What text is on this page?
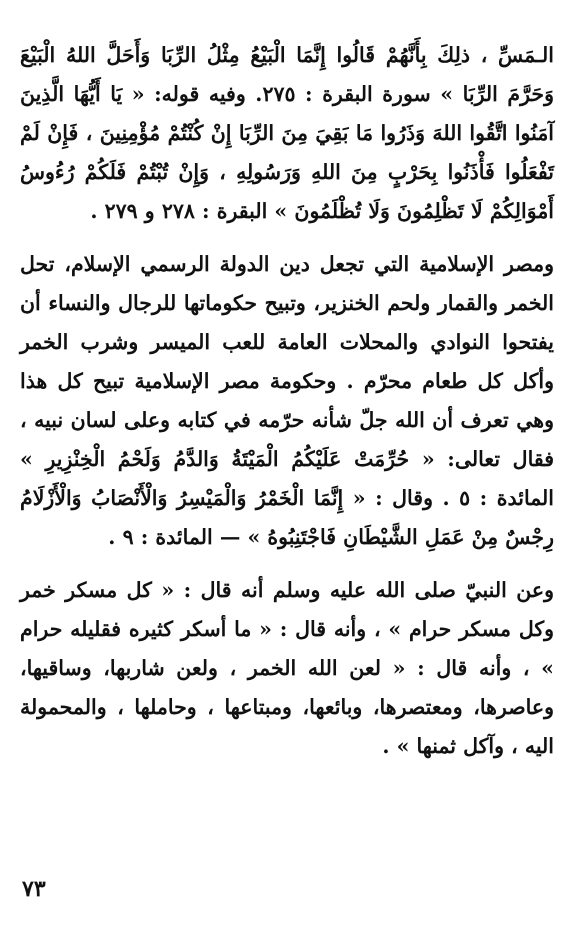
الـمَسِّ ، ذلِكَ بِأَنَّهُمْ قَالُوا إِنَّمَا الْبَيْعُ مِثْلُ الرِّبَا وَأَحَلَّ اللهُ الْبَيْعَ وَحَرَّمَ الرِّبَا » سورة البقرة : ٢٧٥. وفيه قوله: « يَا أَيُّهَا الَّذِينَ آمَنُوا اتَّقُوا اللهَ وَذَرُوا مَا بَقِيَ مِنَ الرِّبَا إِنْ كُنْتُمْ مُؤْمِنِينَ ، فَإِنْ لَمْ تَفْعَلُوا فَأْذَنُوا بِحَرْبٍ مِنَ اللهِ وَرَسُولِهِ ، وَإِنْ تُبْتُمْ فَلَكُمْ رُءُوسُ أَمْوَالِكُمْ لَا تَظْلِمُونَ وَلَا تُظْلَمُونَ » البقرة : ٢٧٨ و ٢٧٩ .

ومصر الإسلامية التي تجعل دين الدولة الرسمي الإسلام، تحل الخمر والقمار ولحم الخنزير، وتبيح حكوماتها للرجال والنساء أن يفتحوا النوادي والمحلات العامة للعب الميسر وشرب الخمر وأكل كل طعام محرّم . وحكومة مصر الإسلامية تبيح كل هذا وهي تعرف أن الله جلّ شأنه حرّمه في كتابه وعلى لسان نبيه ، فقال تعالى: « حُرِّمَتْ عَلَيْكُمُ الْمَيْتَةُ وَالدَّمُ وَلَحْمُ الْخِنْزِيرِ » المائدة : ٥ . وقال : « إِنَّمَا الْخَمْرُ وَالْمَيْسِرُ وَالْأَنْصَابُ وَالْأَزْلَامُ رِجْسٌ مِنْ عَمَلِ الشَّيْطَانِ فَاجْتَنِبُوهُ » — المائدة : ٩ .

وعن النبيّ صلى الله عليه وسلم أنه قال : « كل مسكر خمر وكل مسكر حرام » ، وأنه قال : « ما أسكر كثيره فقليله حرام » ، وأنه قال : « لعن الله الخمر ، ولعن شاربها، وساقيها، وعاصرها، ومعتصرها، وبائعها، ومبتاعها ، وحاملها ، والمحمولة اليه ، وآكل ثمنها » .

٧٣
